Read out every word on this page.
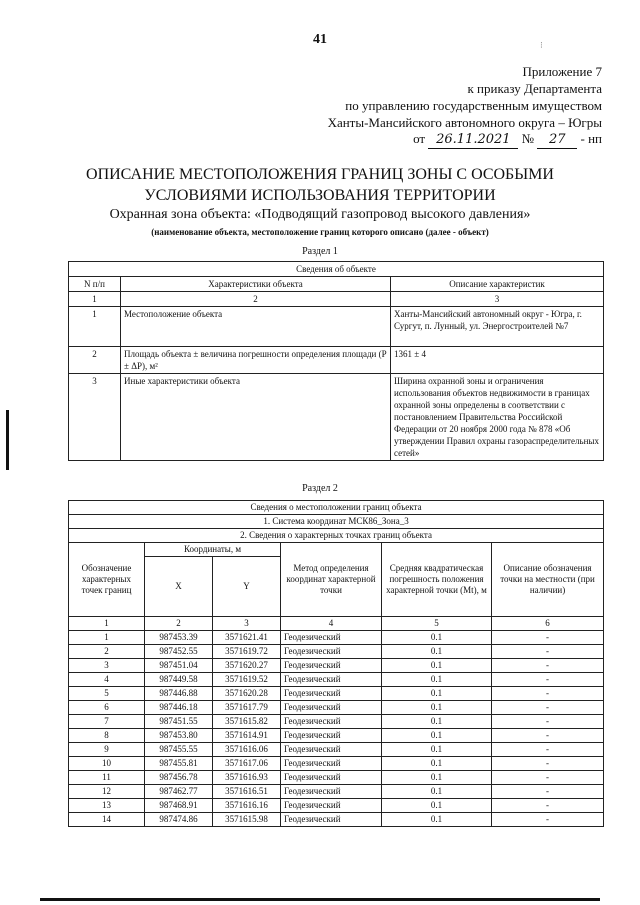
41
Приложение 7
к приказу Департамента
по управлению государственным имуществом
Ханты-Мансийского автономного округа – Югры
от 26.11.2021 № 27 - нп
ОПИСАНИЕ МЕСТОПОЛОЖЕНИЯ ГРАНИЦ ЗОНЫ С ОСОБЫМИ
УСЛОВИЯМИ ИСПОЛЬЗОВАНИЯ ТЕРРИТОРИИ
Охранная зона объекта: «Подводящий газопровод высокого давления»
(наименование объекта, местоположение границ которого описано (далее - объект)
Раздел 1
Сведения об объекте		
N п/п	Характеристики объекта	Описание характеристик
1	2	3
1	Местоположение объекта	Ханты-Мансийский автономный округ - Югра, г. Сургут, п. Лунный, ул. Энергостроителей №7
2	Площадь объекта ± величина погрешности определения площади (P ± ΔP), м²	1361 ± 4
3	Иные характеристики объекта	Ширина охранной зоны и ограничения использования объектов недвижимости в границах охранной зоны определены в соответствии с постановлением Правительства Российской Федерации от 20 ноября 2000 года № 878 «Об утверждении Правил охраны газораспределительных сетей»
Раздел 2
Сведения о местоположении границ объекта					
1. Система координат МСК86_Зона_3					
2. Сведения о характерных точках границ объекта					
Обозначение характерных точек границ	Координаты, м		Метод определения координат характерной точки	Средняя квадратическая погрешность положения характерной точки (Mt), м	Описание обозначения точки на местности (при наличии)
	X	Y			
1	2	3	4	5	6
1	987453.39	3571621.41	Геодезический	0.1	-
2	987452.55	3571619.72	Геодезический	0.1	-
3	987451.04	3571620.27	Геодезический	0.1	-
4	987449.58	3571619.52	Геодезический	0.1	-
5	987446.88	3571620.28	Геодезический	0.1	-
6	987446.18	3571617.79	Геодезический	0.1	-
7	987451.55	3571615.82	Геодезический	0.1	-
8	987453.80	3571614.91	Геодезический	0.1	-
9	987455.55	3571616.06	Геодезический	0.1	-
10	987455.81	3571617.06	Геодезический	0.1	-
11	987456.78	3571616.93	Геодезический	0.1	-
12	987462.77	3571616.51	Геодезический	0.1	-
13	987468.91	3571616.16	Геодезический	0.1	-
14	987474.86	3571615.98	Геодезический	0.1	-
⁝
